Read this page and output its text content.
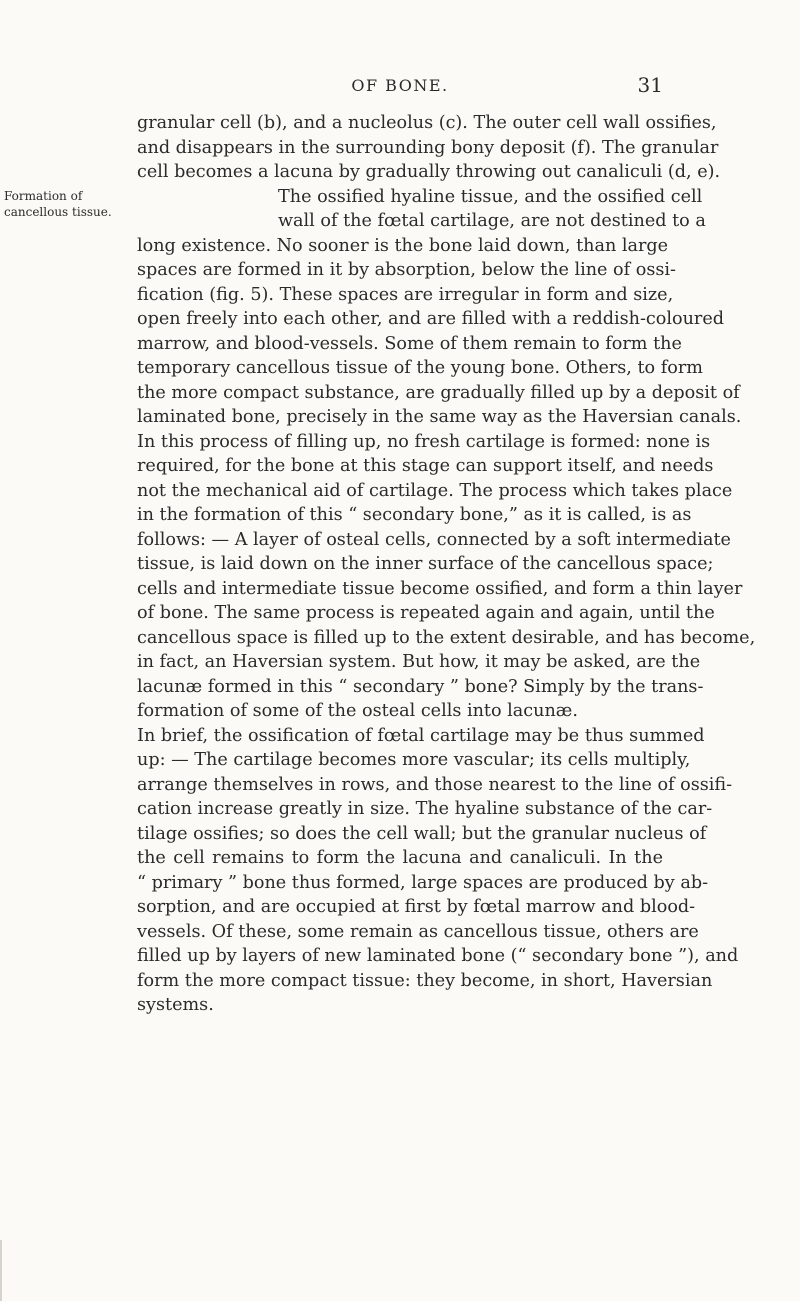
OF BONE.	31
granular cell (b), and a nucleolus (c). The outer cell wall ossifies,
and disappears in the surrounding bony deposit (f). The granular
cell becomes a lacuna by gradually throwing out canaliculi (d, e).
The ossified hyaline tissue, and the ossified cell
Formation of
cancellous tissue.	wall of the fœtal cartilage, are not destined to a
long existence. No sooner is the bone laid down, than large
spaces are formed in it by absorption, below the line of ossi-
fication (fig. 5). These spaces are irregular in form and size,
open freely into each other, and are filled with a reddish-coloured
marrow, and blood-vessels. Some of them remain to form the
temporary cancellous tissue of the young bone. Others, to form
the more compact substance, are gradually filled up by a deposit of
laminated bone, precisely in the same way as the Haversian canals.
In this process of filling up, no fresh cartilage is formed: none is
required, for the bone at this stage can support itself, and needs
not the mechanical aid of cartilage. The process which takes place
in the formation of this “ secondary bone,” as it is called, is as
follows: — A layer of osteal cells, connected by a soft intermediate
tissue, is laid down on the inner surface of the cancellous space;
cells and intermediate tissue become ossified, and form a thin layer
of bone. The same process is repeated again and again, until the
cancellous space is filled up to the extent desirable, and has become,
in fact, an Haversian system. But how, it may be asked, are the
lacunæ formed in this “ secondary ” bone? Simply by the trans-
formation of some of the osteal cells into lacunæ.
In brief, the ossification of fœtal cartilage may be thus summed
up: — The cartilage becomes more vascular; its cells multiply,
arrange themselves in rows, and those nearest to the line of ossifi-
cation increase greatly in size. The hyaline substance of the car-
tilage ossifies; so does the cell wall; but the granular nucleus of
the cell remains to form the lacuna and canaliculi. In the
“ primary ” bone thus formed, large spaces are produced by ab-
sorption, and are occupied at first by fœtal marrow and blood-
vessels. Of these, some remain as cancellous tissue, others are
filled up by layers of new laminated bone (“ secondary bone ”), and
form the more compact tissue: they become, in short, Haversian
systems.
